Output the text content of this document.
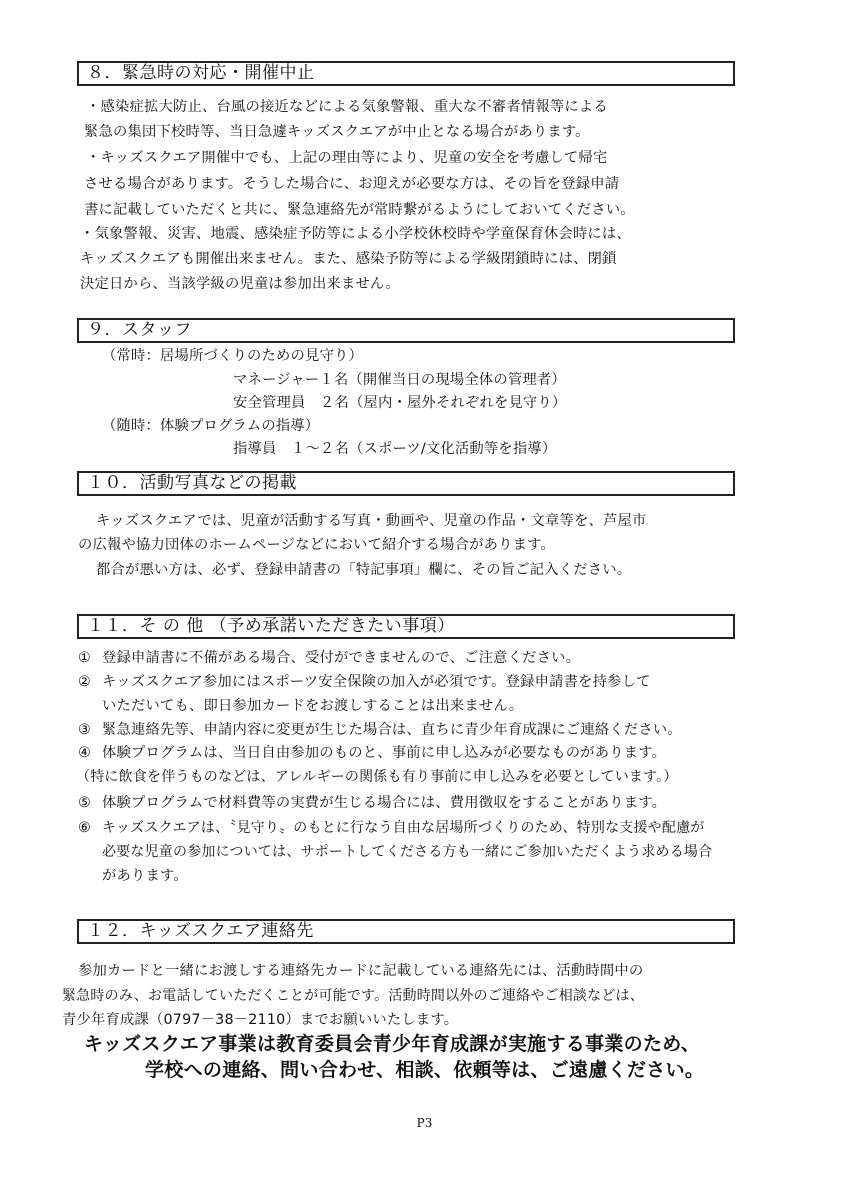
８．緊急時の対応・開催中止
・感染症拡大防止、台風の接近などによる気象警報、重大な不審者情報等による
緊急の集団下校時等、当日急遽キッズスクエアが中止となる場合があります。
・キッズスクエア開催中でも、上記の理由等により、児童の安全を考慮して帰宅
させる場合があります。そうした場合に、お迎えが必要な方は、その旨を登録申請
書に記載していただくと共に、緊急連絡先が常時繋がるようにしておいてください。
・気象警報、災害、地震、感染症予防等による小学校休校時や学童保育休会時には、
キッズスクエアも開催出来ません。また、感染予防等による学級閉鎖時には、閉鎖
決定日から、当該学級の児童は参加出来ません。
９．スタッフ
（常時：居場所づくりのための見守り）
マネージャー１名（開催当日の現場全体の管理者）
安全管理員　２名（屋内・屋外それぞれを見守り）
（随時：体験プログラムの指導）
指導員　１～２名（スポーツ/文化活動等を指導）
１０．活動写真などの掲載
キッズスクエアでは、児童が活動する写真・動画や、児童の作品・文章等を、芦屋市
の広報や協力団体のホームページなどにおいて紹介する場合があります。
都合が悪い方は、必ず、登録申請書の「特記事項」欄に、その旨ご記入ください。
１１．そ の 他 （予め承諾いただきたい事項）
① 登録申請書に不備がある場合、受付ができませんので、ご注意ください。
② キッズスクエア参加にはスポーツ安全保険の加入が必須です。登録申請書を持参して
いただいても、即日参加カードをお渡しすることは出来ません。
③ 緊急連絡先等、申請内容に変更が生じた場合は、直ちに青少年育成課にご連絡ください。
④ 体験プログラムは、当日自由参加のものと、事前に申し込みが必要なものがあります。
（特に飲食を伴うものなどは、アレルギーの関係も有り事前に申し込みを必要としています。）
⑤ 体験プログラムで材料費等の実費が生じる場合には、費用徴収をすることがあります。
⑥ キッズスクエアは、〝見守り〟のもとに行なう自由な居場所づくりのため、特別な支援や配慮が
必要な児童の参加については、サポートしてくださる方も一緒にご参加いただくよう求める場合
があります。
１２．キッズスクエア連絡先
参加カードと一緒にお渡しする連絡先カードに記載している連絡先には、活動時間中の
緊急時のみ、お電話していただくことが可能です。活動時間以外のご連絡やご相談などは、
青少年育成課（0797－38－2110）までお願いいたします。
キッズスクエア事業は教育委員会青少年育成課が実施する事業のため、
学校への連絡、問い合わせ、相談、依頼等は、ご遠慮ください。
P3
